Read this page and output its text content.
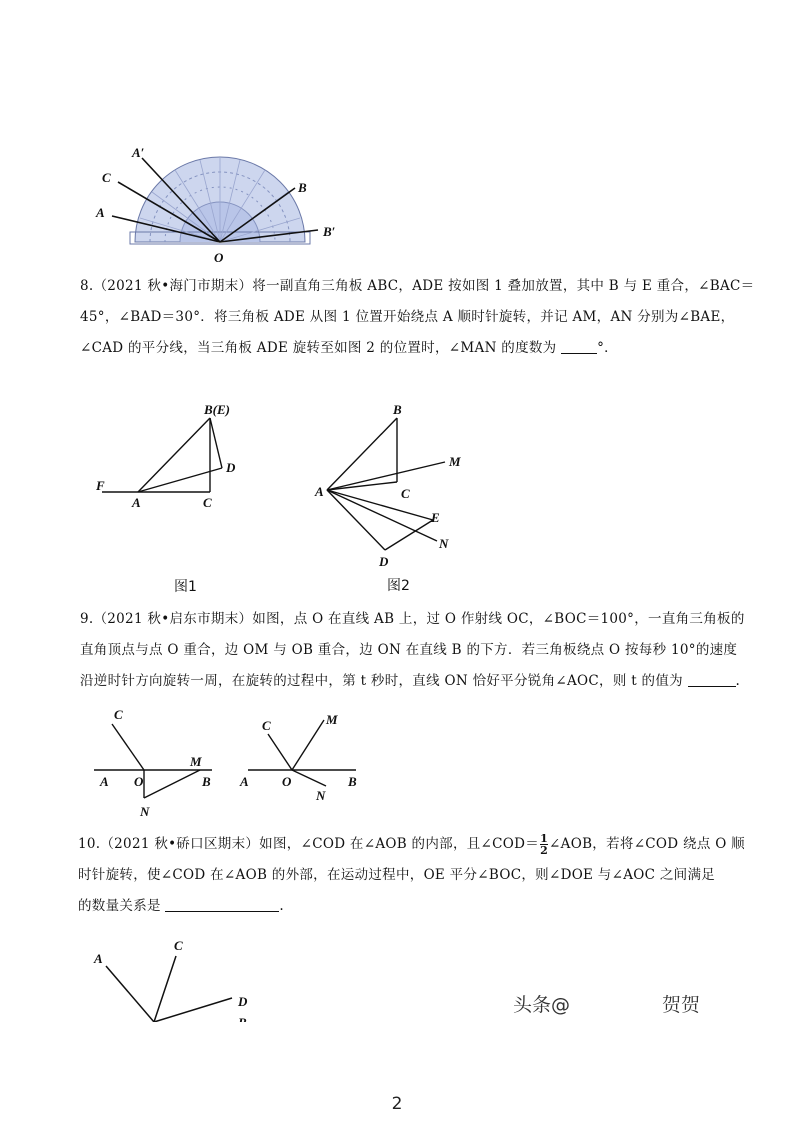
A′
C
A
B
B′
O
8.（2021 秋•海门市期末）将一副直角三角板 ABC，ADE 按如图 1 叠加放置，其中 B 与 E 重合，∠BAC＝
45°，∠BAD＝30°．将三角板 ADE 从图 1 位置开始绕点 A 顺时针旋转，并记 AM，AN 分别为∠BAE，
∠CAD 的平分线，当三角板 ADE 旋转至如图 2 的位置时，∠MAN 的度数为	°．
B(E)
D
F
A	C
图1
B
M
A	C
E
N
D
图2
9.（2021 秋•启东市期末）如图，点 O 在直线 AB 上，过 O 作射线 OC，∠BOC＝100°，一直角三角板的
直角顶点与点 O 重合，边 OM 与 OB 重合，边 ON 在直线 B 的下方．若三角板绕点 O 按每秒 10°的速度
沿逆时针方向旋转一周，在旋转的过程中，第 t 秒时，直线 ON 恰好平分锐角∠AOC，则 t 的值为	.
C
A O
M
B
N
C	M
A	O
N
B
10.（2021 秋•硚口区期末）如图，∠COD 在∠AOB 的内部，且∠COD＝ $\frac{1}{2}$ ∠AOB，若将∠COD 绕点 O 顺
时针旋转，使∠COD 在∠AOB 的外部，在运动过程中，OE 平分∠BOC，则∠DOE 与∠AOC 之间满足
的数量关系是	.
A
C
D	头条@	贺贺
2
